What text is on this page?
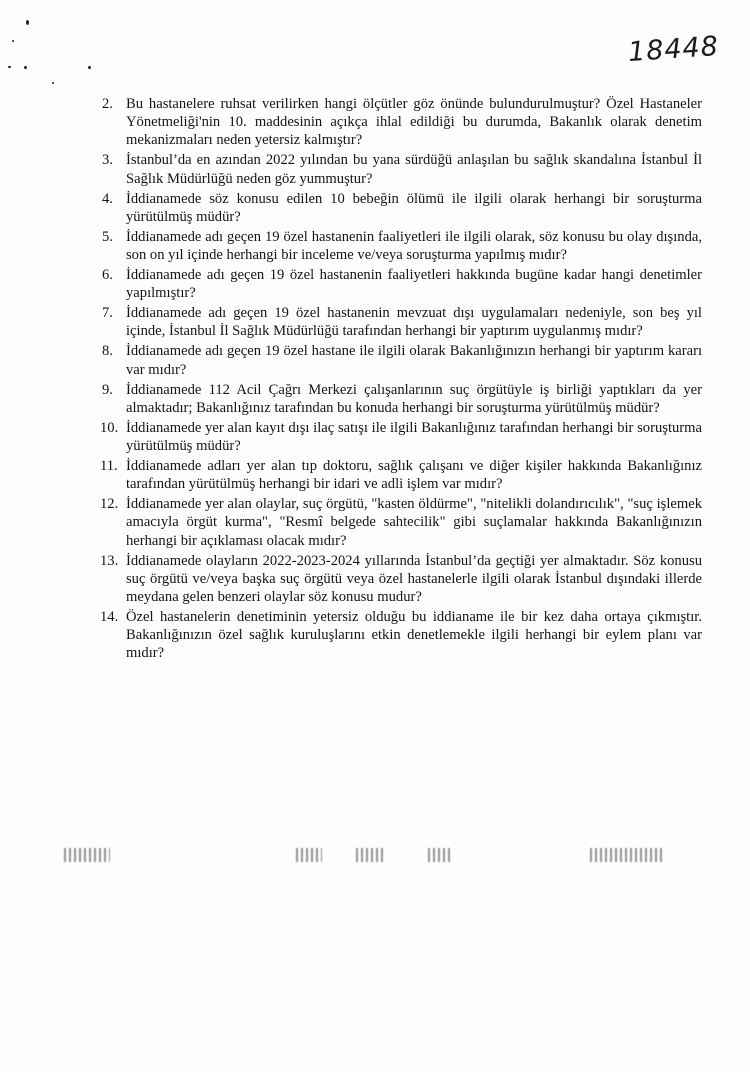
18448
2. Bu hastanelere ruhsat verilirken hangi ölçütler göz önünde bulundurulmuştur? Özel Hastaneler Yönetmeliği'nin 10. maddesinin açıkça ihlal edildiği bu durumda, Bakanlık olarak denetim mekanizmaları neden yetersiz kalmıştır?
3. İstanbul’da en azından 2022 yılından bu yana sürdüğü anlaşılan bu sağlık skandalına İstanbul İl Sağlık Müdürlüğü neden göz yummuştur?
4. İddianamede söz konusu edilen 10 bebeğin ölümü ile ilgili olarak herhangi bir soruşturma yürütülmüş müdür?
5. İddianamede adı geçen 19 özel hastanenin faaliyetleri ile ilgili olarak, söz konusu bu olay dışında, son on yıl içinde herhangi bir inceleme ve/veya soruşturma yapılmış mıdır?
6. İddianamede adı geçen 19 özel hastanenin faaliyetleri hakkında bugüne kadar hangi denetimler yapılmıştır?
7. İddianamede adı geçen 19 özel hastanenin mevzuat dışı uygulamaları nedeniyle, son beş yıl içinde, İstanbul İl Sağlık Müdürlüğü tarafından herhangi bir yaptırım uygulanmış mıdır?
8. İddianamede adı geçen 19 özel hastane ile ilgili olarak Bakanlığınızın herhangi bir yaptırım kararı var mıdır?
9. İddianamede 112 Acil Çağrı Merkezi çalışanlarının suç örgütüyle iş birliği yaptıkları da yer almaktadır; Bakanlığınız tarafından bu konuda herhangi bir soruşturma yürütülmüş müdür?
10. İddianamede yer alan kayıt dışı ilaç satışı ile ilgili Bakanlığınız tarafından herhangi bir soruşturma yürütülmüş müdür?
11. İddianamede adları yer alan tıp doktoru, sağlık çalışanı ve diğer kişiler hakkında Bakanlığınız tarafından yürütülmüş herhangi bir idari ve adli işlem var mıdır?
12. İddianamede yer alan olaylar, suç örgütü, "kasten öldürme", "nitelikli dolandırıcılık", "suç işlemek amacıyla örgüt kurma", "Resmî belgede sahtecilik" gibi suçlamalar hakkında Bakanlığınızın herhangi bir açıklaması olacak mıdır?
13. İddianamede olayların 2022-2023-2024 yıllarında İstanbul’da geçtiği yer almaktadır. Söz konusu suç örgütü ve/veya başka suç örgütü veya özel hastanelerle ilgili olarak İstanbul dışındaki illerde meydana gelen benzeri olaylar söz konusu mudur?
14. Özel hastanelerin denetiminin yetersiz olduğu bu iddianame ile bir kez daha ortaya çıkmıştır. Bakanlığınızın özel sağlık kuruluşlarını etkin denetlemekle ilgili herhangi bir eylem planı var mıdır?
